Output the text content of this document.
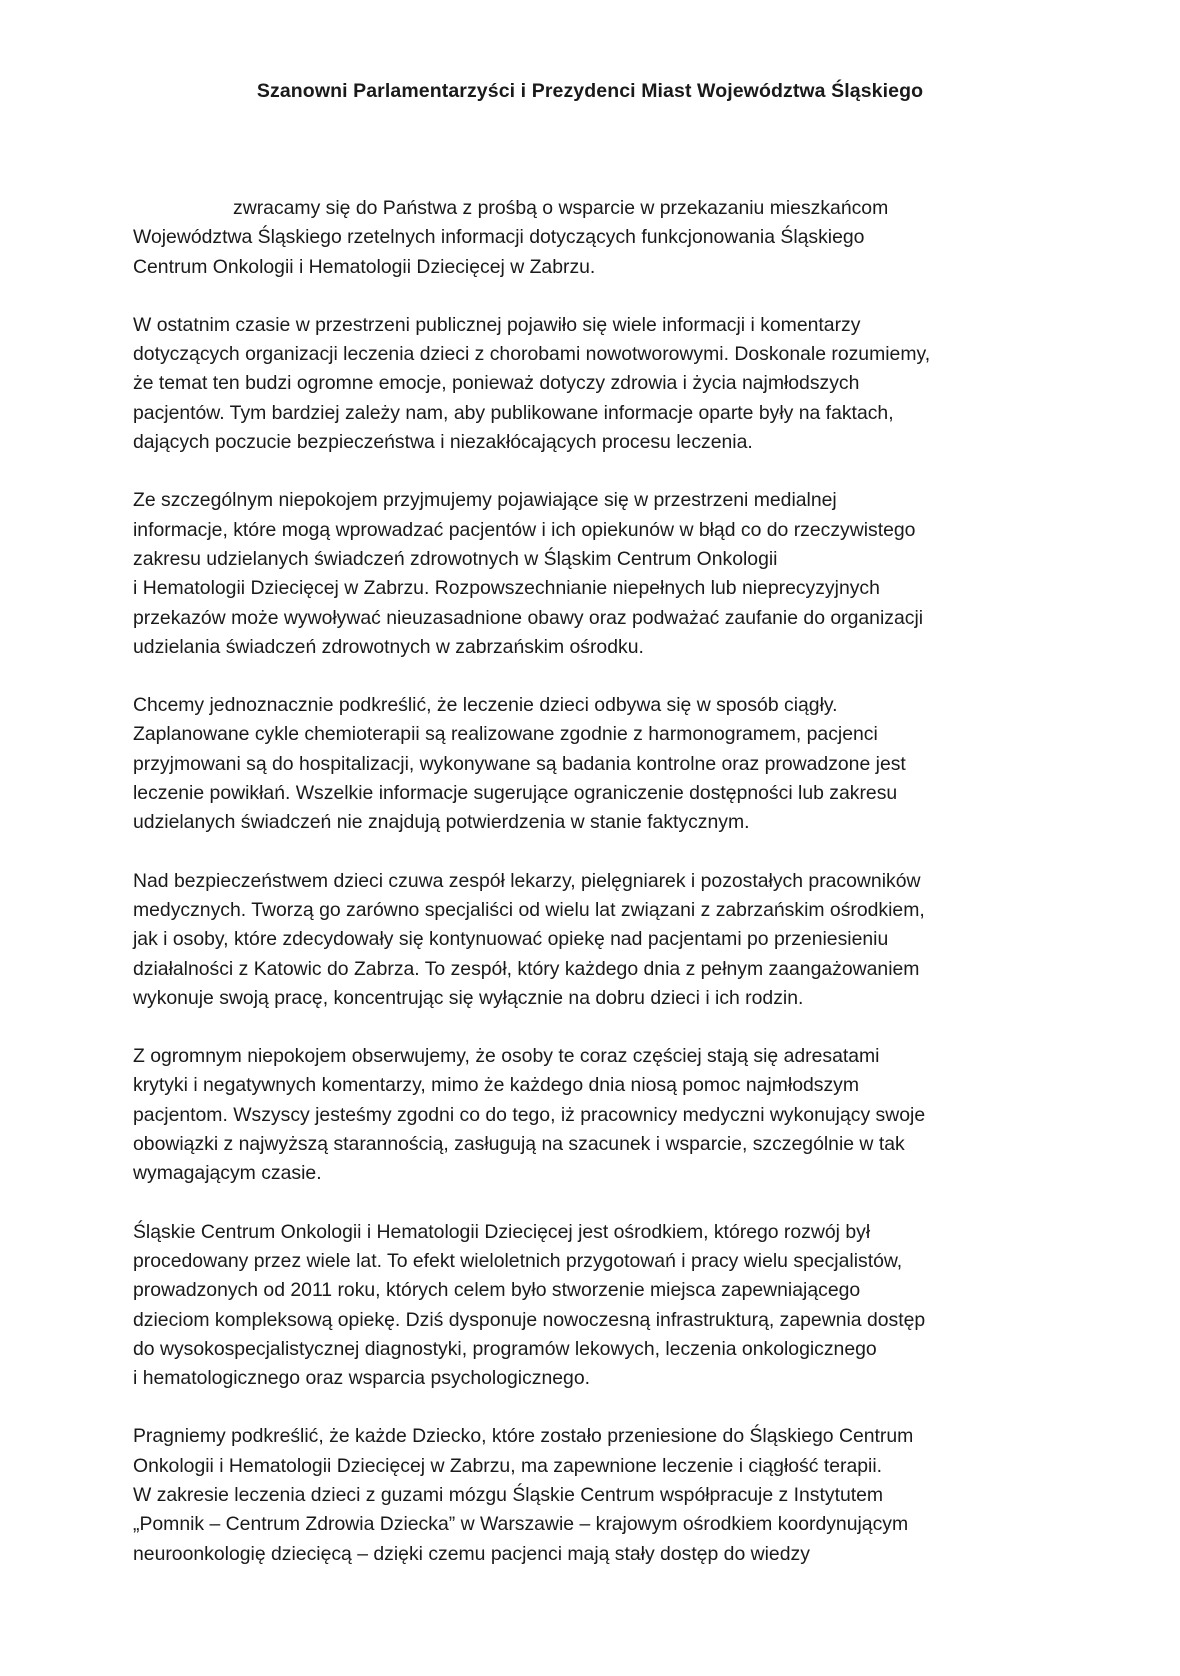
Szanowni Parlamentarzyści i Prezydenci Miast Województwa Śląskiego

zwracamy się do Państwa z prośbą o wsparcie w przekazaniu mieszkańcom
Województwa Śląskiego rzetelnych informacji dotyczących funkcjonowania Śląskiego
Centrum Onkologii i Hematologii Dziecięcej w Zabrzu.

W ostatnim czasie w przestrzeni publicznej pojawiło się wiele informacji i komentarzy
dotyczących organizacji leczenia dzieci z chorobami nowotworowymi. Doskonale rozumiemy,
że temat ten budzi ogromne emocje, ponieważ dotyczy zdrowia i życia najmłodszych
pacjentów. Tym bardziej zależy nam, aby publikowane informacje oparte były na faktach,
dających poczucie bezpieczeństwa i niezakłócających procesu leczenia.

Ze szczególnym niepokojem przyjmujemy pojawiające się w przestrzeni medialnej
informacje, które mogą wprowadzać pacjentów i ich opiekunów w błąd co do rzeczywistego
zakresu udzielanych świadczeń zdrowotnych w Śląskim Centrum Onkologii
i Hematologii Dziecięcej w Zabrzu. Rozpowszechnianie niepełnych lub nieprecyzyjnych
przekazów może wywoływać nieuzasadnione obawy oraz podważać zaufanie do organizacji
udzielania świadczeń zdrowotnych w zabrzańskim ośrodku.

Chcemy jednoznacznie podkreślić, że leczenie dzieci odbywa się w sposób ciągły.
Zaplanowane cykle chemioterapii są realizowane zgodnie z harmonogramem, pacjenci
przyjmowani są do hospitalizacji, wykonywane są badania kontrolne oraz prowadzone jest
leczenie powikłań. Wszelkie informacje sugerujące ograniczenie dostępności lub zakresu
udzielanych świadczeń nie znajdują potwierdzenia w stanie faktycznym.

Nad bezpieczeństwem dzieci czuwa zespół lekarzy, pielęgniarek i pozostałych pracowników
medycznych. Tworzą go zarówno specjaliści od wielu lat związani z zabrzańskim ośrodkiem,
jak i osoby, które zdecydowały się kontynuować opiekę nad pacjentami po przeniesieniu
działalności z Katowic do Zabrza. To zespół, który każdego dnia z pełnym zaangażowaniem
wykonuje swoją pracę, koncentrując się wyłącznie na dobru dzieci i ich rodzin.

Z ogromnym niepokojem obserwujemy, że osoby te coraz częściej stają się adresatami
krytyki i negatywnych komentarzy, mimo że każdego dnia niosą pomoc najmłodszym
pacjentom. Wszyscy jesteśmy zgodni co do tego, iż pracownicy medyczni wykonujący swoje
obowiązki z najwyższą starannością, zasługują na szacunek i wsparcie, szczególnie w tak
wymagającym czasie.

Śląskie Centrum Onkologii i Hematologii Dziecięcej jest ośrodkiem, którego rozwój był
procedowany przez wiele lat. To efekt wieloletnich przygotowań i pracy wielu specjalistów,
prowadzonych od 2011 roku, których celem było stworzenie miejsca zapewniającego
dzieciom kompleksową opiekę. Dziś dysponuje nowoczesną infrastrukturą, zapewnia dostęp
do wysokospecjalistycznej diagnostyki, programów lekowych, leczenia onkologicznego
i hematologicznego oraz wsparcia psychologicznego.

Pragniemy podkreślić, że każde Dziecko, które zostało przeniesione do Śląskiego Centrum
Onkologii i Hematologii Dziecięcej w Zabrzu, ma zapewnione leczenie i ciągłość terapii.
W zakresie leczenia dzieci z guzami mózgu Śląskie Centrum współpracuje z Instytutem
„Pomnik – Centrum Zdrowia Dziecka” w Warszawie – krajowym ośrodkiem koordynującym
neuroonkologię dziecięcą – dzięki czemu pacjenci mają stały dostęp do wiedzy
